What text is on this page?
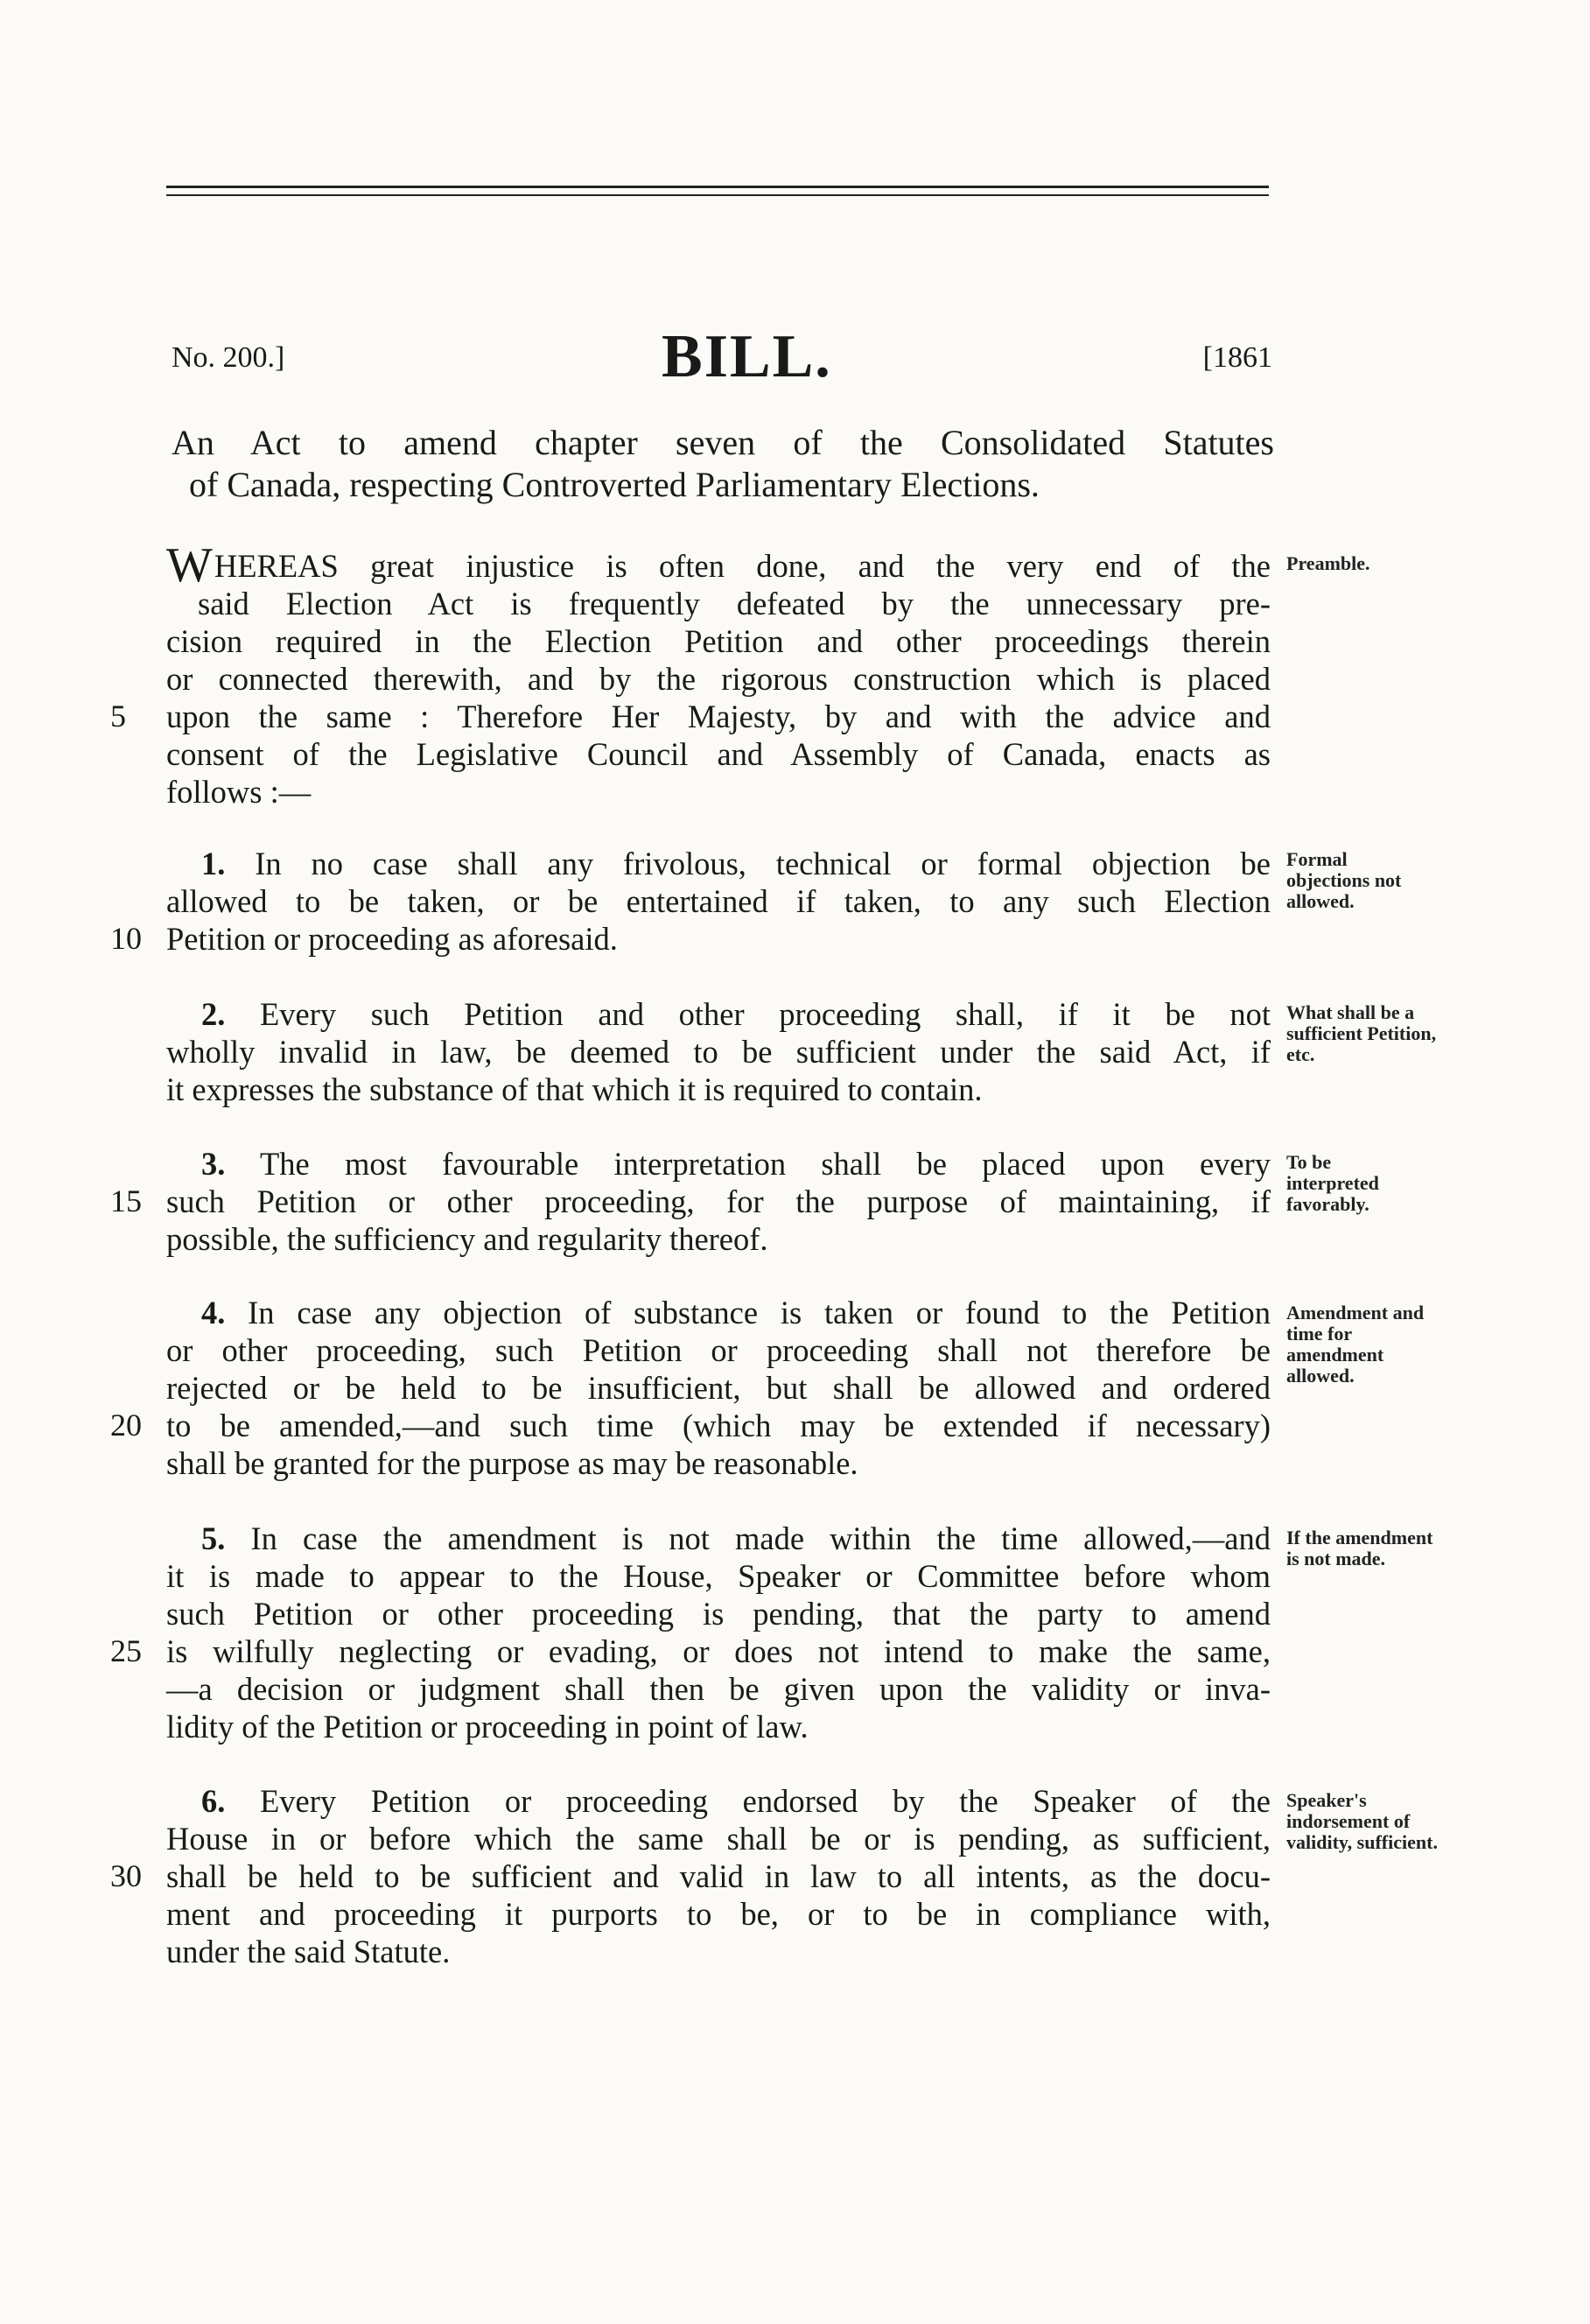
No. 200.]	BILL.	[1861
An Act to amend chapter seven of the Consolidated Statutes
of Canada, respecting Controverted Parliamentary Elections.
W HEREAS great injustice is often done, and the very end of the
said Election Act is frequently defeated by the unnecessary pre-
cision required in the Election Petition and other proceedings therein
or connected therewith, and by the rigorous construction which is placed
upon the same : Therefore Her Majesty, by and with the advice and
consent of the Legislative Council and Assembly of Canada, enacts as
follows :—
5
Preamble.
1. In no case shall any frivolous, technical or formal objection be
allowed to be taken, or be entertained if taken, to any such Election
Petition or proceeding as aforesaid.
10
Formal objections not allowed.
2. Every such Petition and other proceeding shall, if it be not
wholly invalid in law, be deemed to be sufficient under the said Act, if
it expresses the substance of that which it is required to contain.
What shall be a sufficient Petition, etc.
3. The most favourable interpretation shall be placed upon every
such Petition or other proceeding, for the purpose of maintaining, if
possible, the sufficiency and regularity thereof.
15
To be interpreted favorably.
4. In case any objection of substance is taken or found to the Petition
or other proceeding, such Petition or proceeding shall not therefore be
rejected or be held to be insufficient, but shall be allowed and ordered
to be amended,—and such time (which may be extended if necessary)
shall be granted for the purpose as may be reasonable.
20
Amendment and time for amendment allowed.
5. In case the amendment is not made within the time allowed,—and
it is made to appear to the House, Speaker or Committee before whom
such Petition or other proceeding is pending, that the party to amend
is wilfully neglecting or evading, or does not intend to make the same,
—a decision or judgment shall then be given upon the validity or inva-
lidity of the Petition or proceeding in point of law.
25
If the amendment is not made.
6. Every Petition or proceeding endorsed by the Speaker of the
House in or before which the same shall be or is pending, as sufficient,
shall be held to be sufficient and valid in law to all intents, as the docu-
ment and proceeding it purports to be, or to be in compliance with,
under the said Statute.
30
Speaker's indorsement of validity, sufficient.
